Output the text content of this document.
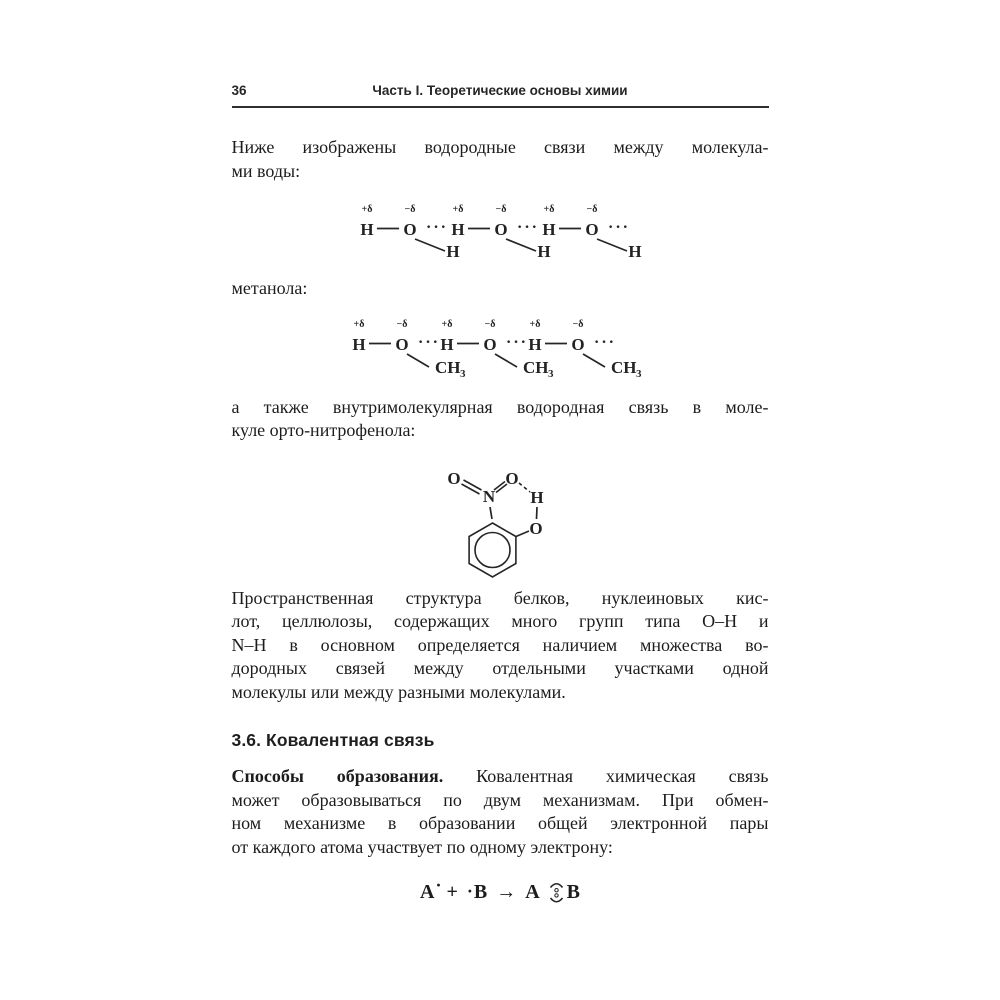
36	Часть I. Теоретические основы химии

Ниже изображены водородные связи между молекула-
ми воды:

+δ
H
−δ
O ···
H
+δ
H
−δ
O ···
H
+δ
H
−δ
O ···
H

метанола:

+δ
H
−δ
O ···
CH 3
+δ
H
−δ
O ···
CH 3
+δ
H
−δ
O ···
CH 3

а также внутримолекулярная водородная связь в моле-
куле орто-нитрофенола:

N
O	O
H
O

Пространственная структура белков, нуклеиновых кис-
лот, целлюлозы, содержащих много групп типа O–H и
N–H в основном определяется наличием множества во-
дородных связей между отдельными участками одной
молекулы или между разными молекулами.

3.6. Ковалентная связь

Способы образования. Ковалентная химическая связь
может образовываться по двум механизмам. При обмен-
ном механизме в образовании общей электронной пары
от каждого атома участвует по одному электрону:

A · + · B → A B
